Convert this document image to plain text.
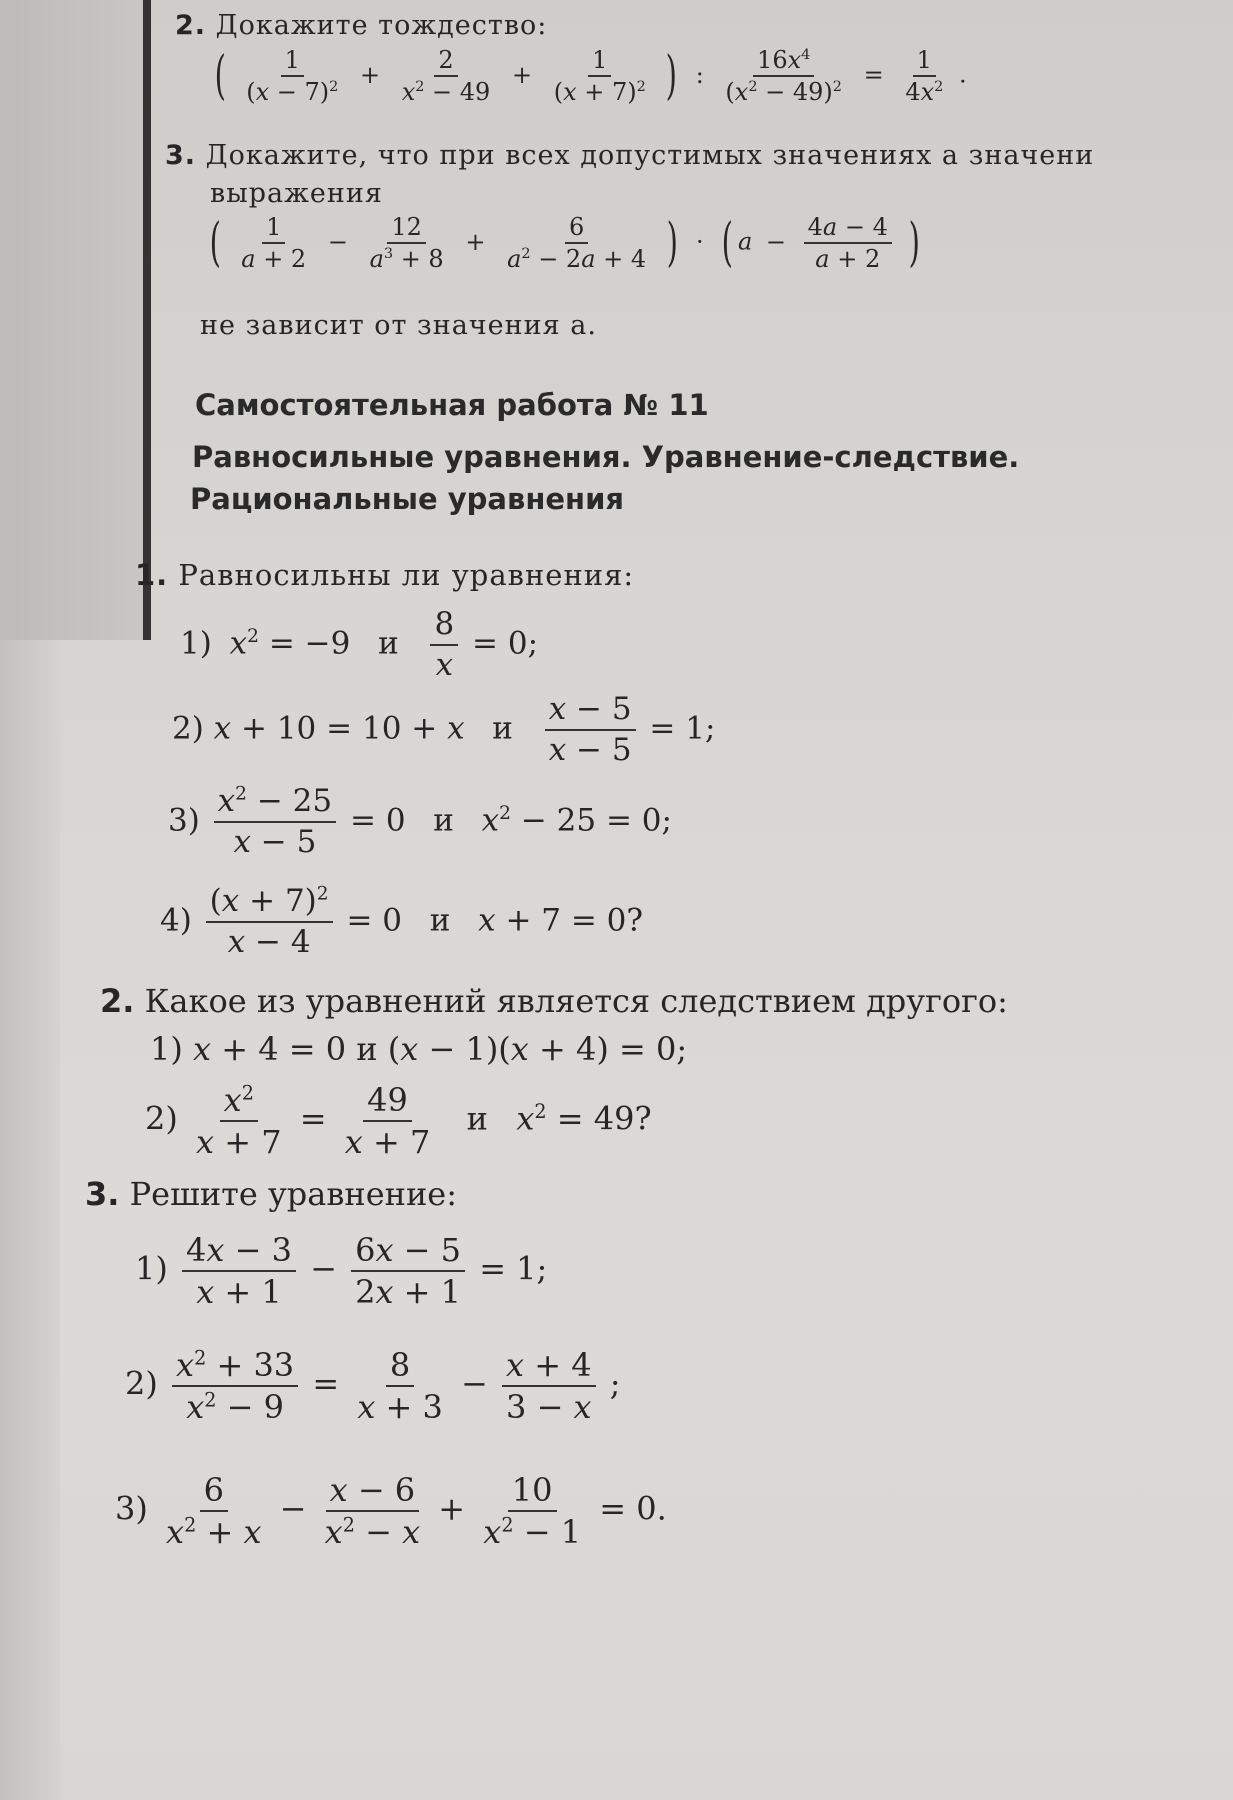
2. Докажите тождество:
( $\frac{1}{(x - 7)^2} + \frac{2}{x^2 - 49} + \frac{1}{(x + 7)^2}$ ) : $\frac{16x^4}{(x^2 - 49)^2} = \frac{1}{4x^2}$ .
3. Докажите, что при всех допустимых значениях a значени
выражения
( $\frac{1}{a + 2} - \frac{12}{a^3 + 8} + \frac{6}{a^2 - 2a + 4}$ ) · ( $a - \frac{4a - 4}{a + 2}$ )
не зависит от значения a.
Самостоятельная работа № 11
Равносильные уравнения. Уравнение-следствие.
Рациональные уравнения
1. Равносильны ли уравнения:
1) $x^2 = -9$  и $\frac{8}{x} = 0$;
2) x + 10 = 10 + x  и $\frac{x - 5}{x - 5} = 1$;
$3) \frac{x^2 - 25}{x - 5} = 0$  и  $x^2 - 25 = 0$;
$4) \frac{(x + 7)^2}{x - 4} = 0$  и  x + 7 = 0?
2. Какое из уравнений является следствием другого:
1) x + 4 = 0 и (x − 1)(x + 4) = 0;
$2) \frac{x^2}{x + 7} = \frac{49}{x + 7}$ и  $x^2 = 49$?
3. Решите уравнение:
$1) \frac{4x - 3}{x + 1} - \frac{6x - 5}{2x + 1} = 1$;
$2) \frac{x^2 + 33}{x^2 - 9} = \frac{8}{x + 3} - \frac{x + 4}{3 - x}$ ;
$3) \frac{6}{x^2 + x} - \frac{x - 6}{x^2 - x} + \frac{10}{x^2 - 1} = 0$.
